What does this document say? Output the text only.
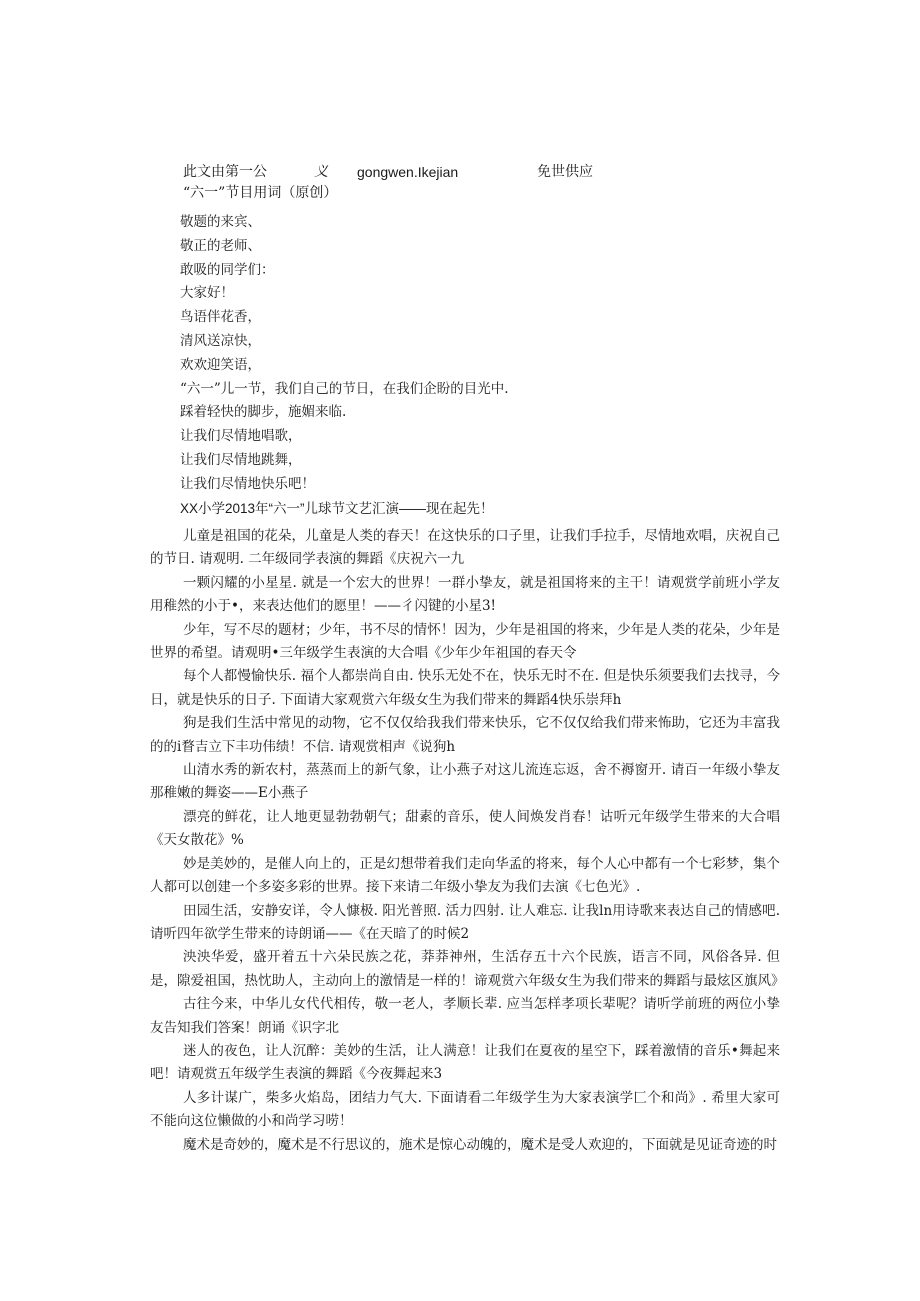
此文由第一公	义 gongwen.Ikejian	免世供应
“六一”节目用词（原创）
敬题的来宾、
敬正的老师、
敢吸的同学们：
大家好！
鸟语伴花香，
清风送凉快，
欢欢迎笑语，
“六一”儿一节，我们自己的节日，在我们企盼的目光中.
踩着轻快的脚步，施媚来临.
让我们尽情地唱歌，
让我们尽情地跳舞，
让我们尽情地快乐吧！
XX小学2013年“六一”儿球节文艺汇演——现在起先！

儿童是祖国的花朵，儿童是人类的春天！在这快乐的口子里，让我们手拉手，尽情地欢唱，庆祝自己的节日. 请观明. 二年级同学表演的舞蹈《庆祝六一九

一颗闪耀的小星星. 就是一个宏大的世界！一群小挚友，就是祖国将来的主干！请观赏学前班小学友用稚然的小于•，来表达他们的愿里！——彳闪键的小星3!

少年，写不尽的题材；少年，书不尽的情怀！因为，少年是祖国的将来，少年是人类的花朵，少年是世界的希望。请观明•三年级学生表演的大合唱《少年少年祖国的春天令

每个人都慢愉快乐. 福个人都崇尚自由. 快乐无处不在，快乐无时不在. 但是快乐须要我们去找寻，今日，就是快乐的日子. 下面请大家观赏六年级女生为我们带来的舞蹈4快乐崇拜h

狗是我们生活中常见的动物，它不仅仅给我我们带来快乐，它不仅仅给我们带来怖助，它还为丰富我的的i瞀吉立下丰功伟绩！不信. 请观赏相声《说狗h

山清水秀的新农村，蒸蒸而上的新气象，让小燕子对这儿流连忘返，舍不褥窗开. 请百一年级小挚友那稚嫩的舞姿——E小燕子

漂亮的鲜花，让人地更显勃勃朝气；甜素的音乐，使人间焕发肖春！诂听元年级学生带来的大合唱《天女散花》%

妙是美妙的，是催人向上的，正是幻想带着我们走向华孟的将来，每个人心中都有一个七彩梦，集个人都可以创建一个多姿多彩的世界。接下来请二年级小挚友为我们去演《七色光》.

田园生活，安静安详，令人慷极. 阳光普照. 活力四射. 让人难忘. 让我ln用诗歌来表达自己的情感吧. 请听四年欲学生带来的诗朗诵——《在天暗了的时候2

泱泱华爱，盛开着五十六朵民族之花，莽莽神州，生活存五十六个民族，语言不同，风俗各异. 但是，隙爱祖国，热忱助人，主动向上的激情是一样的！谛观赏六年级女生为我们带来的舞蹈与最炫区旗风》

古往今来，中华儿女代代相传，敬一老人，孝顺长辈. 应当怎样孝项长辈呢？请听学前班的两位小挚友告知我们答案！朗诵《识字北

迷人的夜色，让人沉醉：美妙的生活，让人满意！让我们在夏夜的星空下，踩着激情的音乐•舞起来吧！请观赏五年级学生表演的舞蹈《今夜舞起来3

人多计谋广，柴多火焰岛，团结力气大. 下面请看二年级学生为大家表演学匚个和尚》. 希里大家可不能向这位懒做的小和尚学习唠！

魔术是奇妙的，魔术是不行思议的，施术是惊心动魄的，魔术是受人欢迎的，下面就是见证奇迹的时
